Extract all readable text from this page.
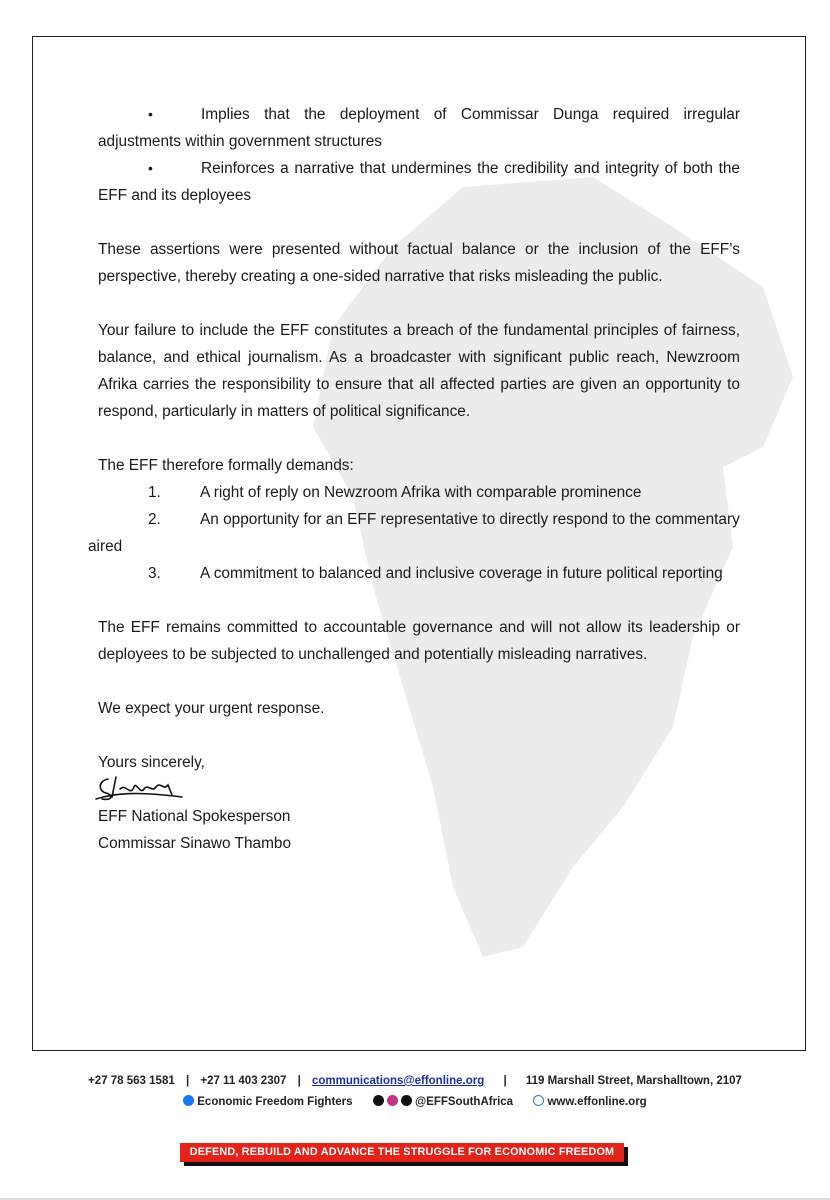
•	Implies that the deployment of Commissar Dunga required irregular
adjustments within government structures
•	Reinforces a narrative that undermines the credibility and integrity of both the
EFF and its deployees
These assertions were presented without factual balance or the inclusion of the EFF’s perspective, thereby creating a one-sided narrative that risks misleading the public.
Your failure to include the EFF constitutes a breach of the fundamental principles of fairness, balance, and ethical journalism. As a broadcaster with significant public reach, Newzroom Afrika carries the responsibility to ensure that all affected parties are given an opportunity to respond, particularly in matters of political significance.
The EFF therefore formally demands:
1.	A right of reply on Newzroom Afrika with comparable prominence
2.	An opportunity for an EFF representative to directly respond to the commentary
aired
3.	A commitment to balanced and inclusive coverage in future political reporting
The EFF remains committed to accountable governance and will not allow its leadership or deployees to be subjected to unchallenged and potentially misleading narratives.
We expect your urgent response.
Yours sincerely,
EFF National Spokesperson
Commissar Sinawo Thambo
+27 78 563 1581 | +27 11 403 2307 | communications@effonline.org | 119 Marshall Street, Marshalltown, 2107
Economic Freedom Fighters	@EFFSouthAfrica	www.effonline.org
DEFEND, REBUILD AND ADVANCE THE STRUGGLE FOR ECONOMIC FREEDOM
